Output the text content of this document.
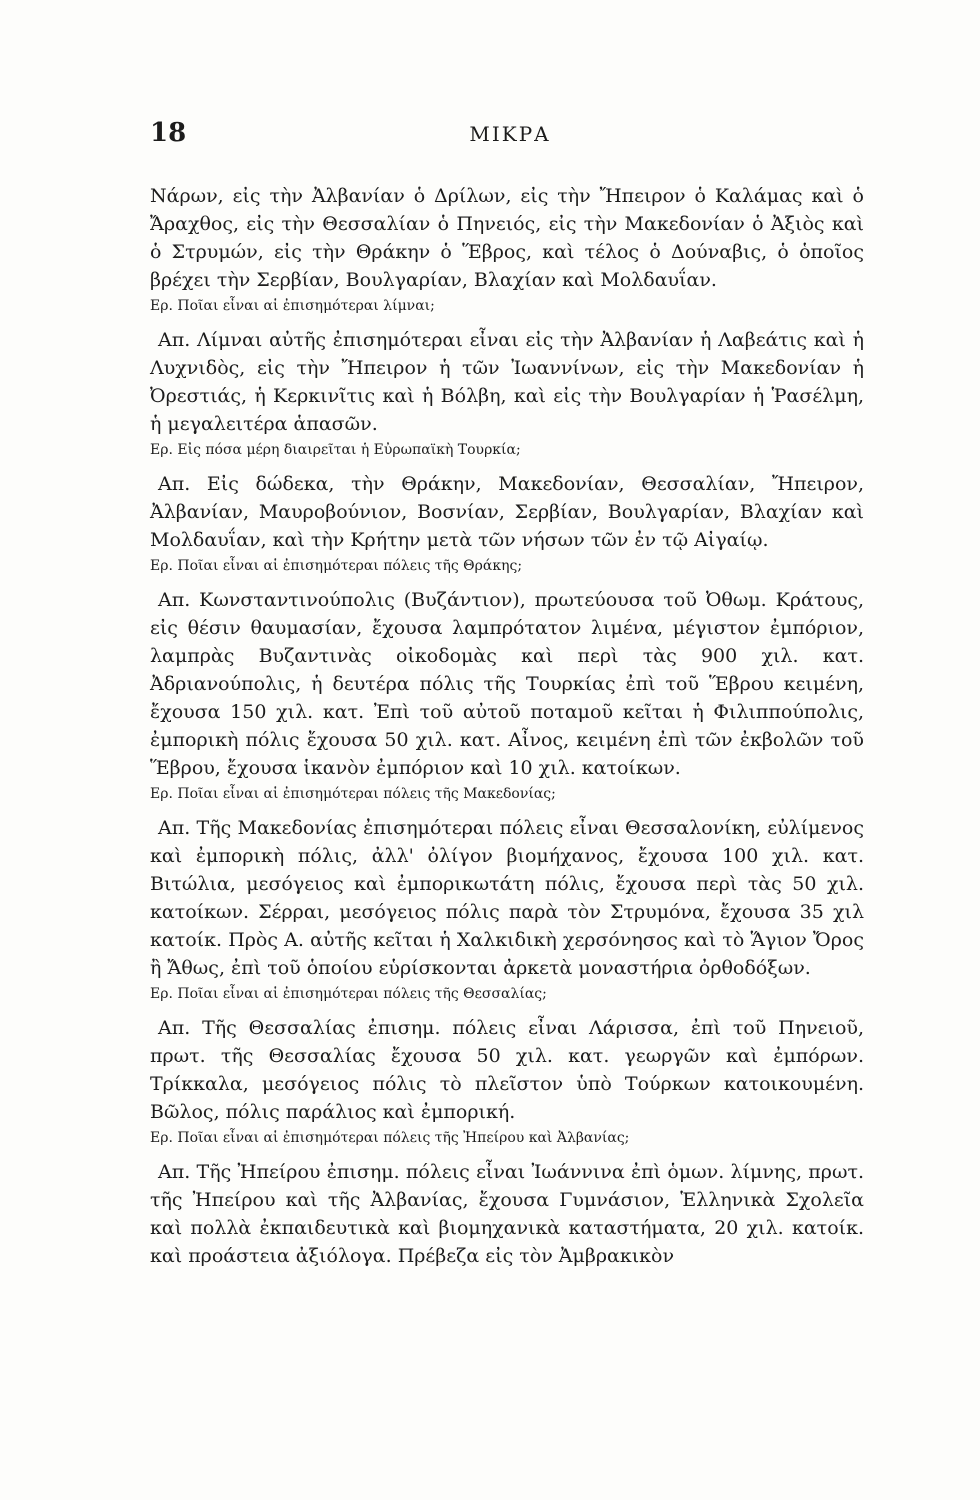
18	ΜΙΚΡΑ

Νάρων, εἰς τὴν Ἀλβανίαν ὁ Δρίλων, εἰς τὴν Ἤπειρον ὁ Καλάμας καὶ ὁ Ἄραχθος, εἰς τὴν Θεσσαλίαν ὁ Πηνειός, εἰς τὴν Μακεδονίαν ὁ Ἀξιὸς καὶ ὁ Στρυμών, εἰς τὴν Θράκην ὁ Ἕβρος, καὶ τέλος ὁ Δούναβις, ὁ ὁποῖος βρέχει τὴν Σερβίαν, Βουλγαρίαν, Βλαχίαν καὶ Μολδαυΐαν.

Ερ. Ποῖαι εἶναι αἱ ἐπισημότεραι λίμναι;

Απ. Λίμναι αὐτῆς ἐπισημότεραι εἶναι εἰς τὴν Ἀλβανίαν ἡ Λαβεάτις καὶ ἡ Λυχνιδὸς, εἰς τὴν Ἤπειρον ἡ τῶν Ἰωαννίνων, εἰς τὴν Μακεδονίαν ἡ Ὀρεστιάς, ἡ Κερκινῖτις καὶ ἡ Βόλβη, καὶ εἰς τὴν Βουλγαρίαν ἡ Ῥασέλμη, ἡ μεγαλειτέρα ἁπασῶν.

Ερ. Εἰς πόσα μέρη διαιρεῖται ἡ Εὐρωπαϊκὴ Τουρκία;

Απ. Εἰς δώδεκα, τὴν Θράκην, Μακεδονίαν, Θεσσαλίαν, Ἤπειρον, Ἀλβανίαν, Μαυροβούνιον, Βοσνίαν, Σερβίαν, Βουλγαρίαν, Βλαχίαν καὶ Μολδαυΐαν, καὶ τὴν Κρήτην μετὰ τῶν νήσων τῶν ἐν τῷ Αἰγαίῳ.

Ερ. Ποῖαι εἶναι αἱ ἐπισημότεραι πόλεις τῆς Θράκης;

Απ. Κωνσταντινούπολις (Βυζάντιον), πρωτεύουσα τοῦ Ὀθωμ. Κράτους, εἰς θέσιν θαυμασίαν, ἔχουσα λαμπρότατον λιμένα, μέγιστον ἐμπόριον, λαμπρὰς Βυζαντινὰς οἰκοδομὰς καὶ περὶ τὰς 900 χιλ. κατ. Ἀδριανούπολις, ἡ δευτέρα πόλις τῆς Τουρκίας ἐπὶ τοῦ Ἕβρου κειμένη, ἔχουσα 150 χιλ. κατ. Ἐπὶ τοῦ αὐτοῦ ποταμοῦ κεῖται ἡ Φιλιππούπολις, ἐμπορικὴ πόλις ἔχουσα 50 χιλ. κατ. Αἶνος, κειμένη ἐπὶ τῶν ἐκβολῶν τοῦ Ἕβρου, ἔχουσα ἱκανὸν ἐμπόριον καὶ 10 χιλ. κατοίκων.

Ερ. Ποῖαι εἶναι αἱ ἐπισημότεραι πόλεις τῆς Μακεδονίας;

Απ. Τῆς Μακεδονίας ἐπισημότεραι πόλεις εἶναι Θεσσαλονίκη, εὐλίμενος καὶ ἐμπορικὴ πόλις, ἀλλ' ὀλίγον βιομήχανος, ἔχουσα 100 χιλ. κατ. Βιτώλια, μεσόγειος καὶ ἐμπορικωτάτη πόλις, ἔχουσα περὶ τὰς 50 χιλ. κατοίκων. Σέρραι, μεσόγειος πόλις παρὰ τὸν Στρυμόνα, ἔχουσα 35 χιλ κατοίκ. Πρὸς Α. αὐτῆς κεῖται ἡ Χαλκιδικὴ χερσόνησος καὶ τὸ Ἅγιον Ὄρος ἢ Ἄθως, ἐπὶ τοῦ ὁποίου εὑρίσκονται ἀρκετὰ μοναστήρια ὀρθοδόξων.

Ερ. Ποῖαι εἶναι αἱ ἐπισημότεραι πόλεις τῆς Θεσσαλίας;

Απ. Τῆς Θεσσαλίας ἐπισημ. πόλεις εἶναι Λάρισσα, ἐπὶ τοῦ Πηνειοῦ, πρωτ. τῆς Θεσσαλίας ἔχουσα 50 χιλ. κατ. γεωργῶν καὶ ἐμπόρων. Τρίκκαλα, μεσόγειος πόλις τὸ πλεῖστον ὑπὸ Τούρκων κατοικουμένη. Βῶλος, πόλις παράλιος καὶ ἐμπορική.

Ερ. Ποῖαι εἶναι αἱ ἐπισημότεραι πόλεις τῆς Ἠπείρου καὶ Ἀλβανίας;

Απ. Τῆς Ἠπείρου ἐπισημ. πόλεις εἶναι Ἰωάννινα ἐπὶ ὁμων. λίμνης, πρωτ. τῆς Ἠπείρου καὶ τῆς Ἀλβανίας, ἔχουσα Γυμνάσιον, Ἑλληνικὰ Σχολεῖα καὶ πολλὰ ἐκπαιδευτικὰ καὶ βιομηχανικὰ καταστήματα, 20 χιλ. κατοίκ. καὶ προάστεια ἀξιόλογα. Πρέβεζα εἰς τὸν Ἀμβρακικὸν
